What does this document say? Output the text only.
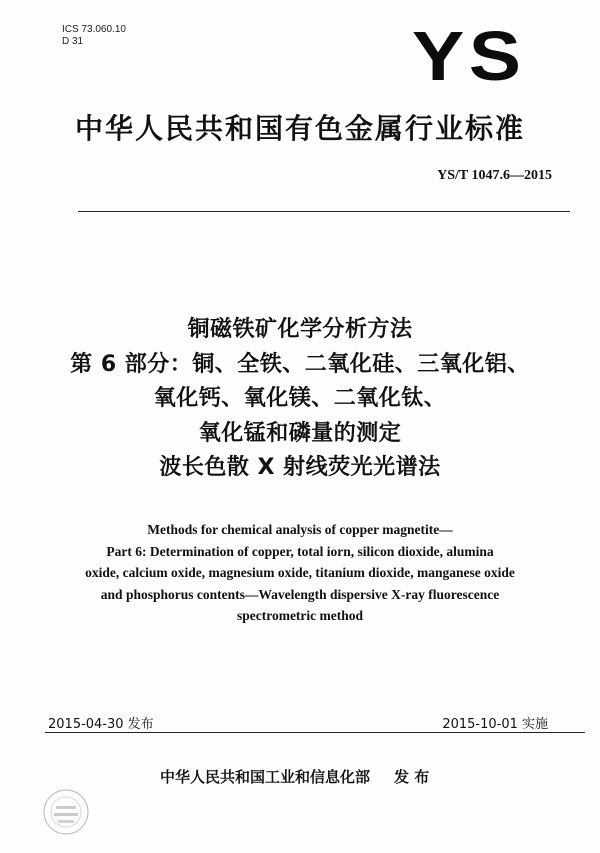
ICS 73.060.10
D 31	YS
中华人民共和国有色金属行业标准
YS/T 1047.6—2015
铜磁铁矿化学分析方法
第 6 部分：铜、全铁、二氧化硅、三氧化铝、
氧化钙、氧化镁、二氧化钛、
氧化锰和磷量的测定
波长色散 X 射线荧光光谱法
Methods for chemical analysis of copper magnetite—
Part 6: Determination of copper, total iorn, silicon dioxide, alumina
oxide, calcium oxide, magnesium oxide, titanium dioxide, manganese oxide
and phosphorus contents—Wavelength dispersive X-ray fluorescence
spectrometric method
2015-04-30 发布	2015-10-01 实施
中华人民共和国工业和信息化部 发 布
